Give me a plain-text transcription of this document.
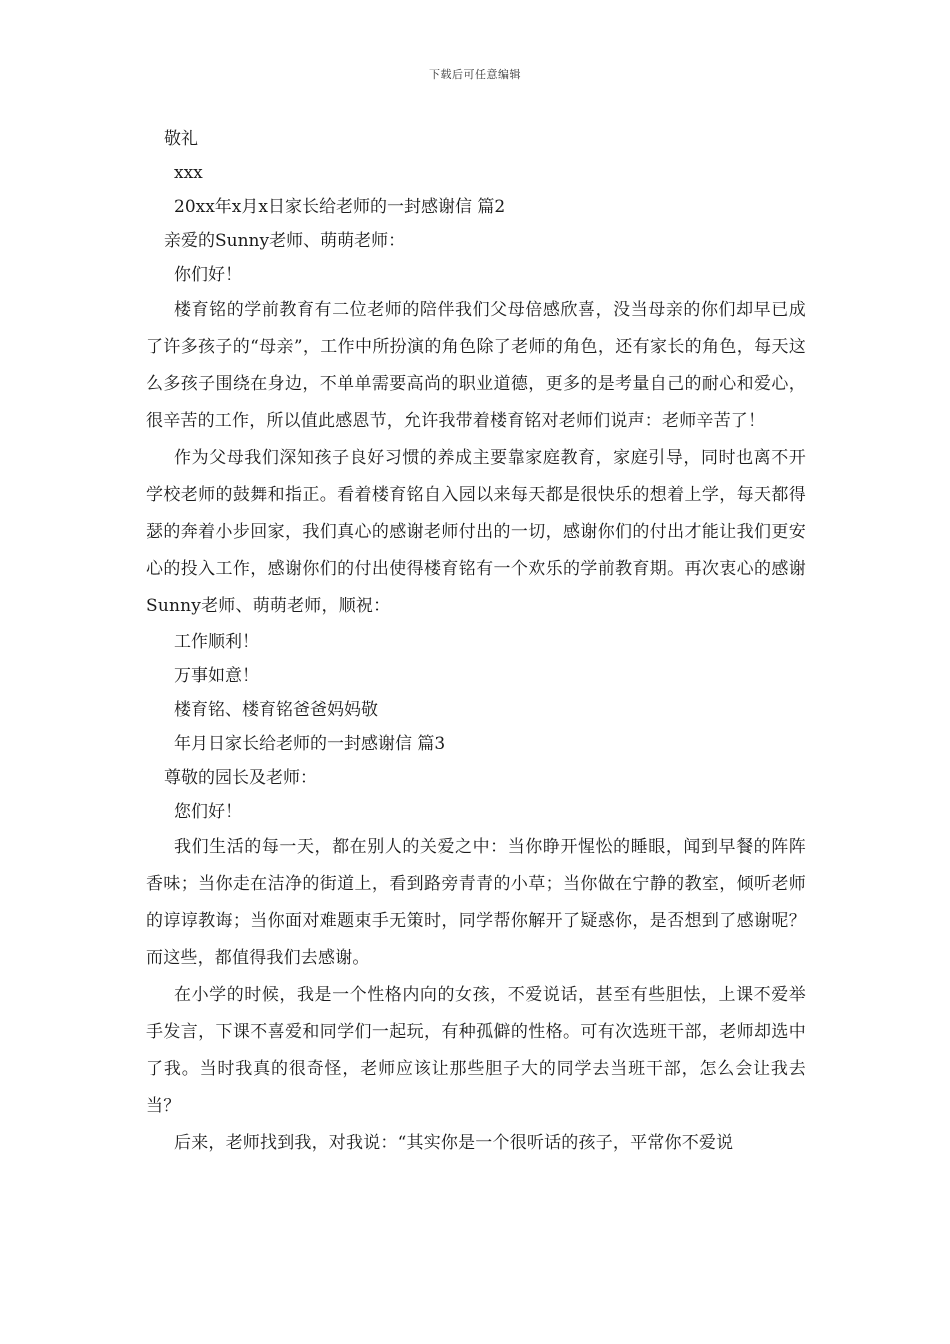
下载后可任意编辑
敬礼
xxx
20xx年x月x日家长给老师的一封感谢信 篇2
亲爱的Sunny老师、萌萌老师：
你们好！
楼育铭的学前教育有二位老师的陪伴我们父母倍感欣喜，没当母亲的你们却早已成了许多孩子的“母亲”，工作中所扮演的角色除了老师的角色，还有家长的角色，每天这么多孩子围绕在身边，不单单需要高尚的职业道德，更多的是考量自己的耐心和爱心，很辛苦的工作，所以值此感恩节，允许我带着楼育铭对老师们说声：老师辛苦了！
作为父母我们深知孩子良好习惯的养成主要靠家庭教育，家庭引导，同时也离不开学校老师的鼓舞和指正。看着楼育铭自入园以来每天都是很快乐的想着上学，每天都得瑟的奔着小步回家，我们真心的感谢老师付出的一切，感谢你们的付出才能让我们更安心的投入工作，感谢你们的付出使得楼育铭有一个欢乐的学前教育期。再次衷心的感谢Sunny老师、萌萌老师，顺祝：
工作顺利！
万事如意！
楼育铭、楼育铭爸爸妈妈敬
年月日家长给老师的一封感谢信 篇3
尊敬的园长及老师：
您们好！
我们生活的每一天，都在别人的关爱之中：当你睁开惺忪的睡眼，闻到早餐的阵阵香味；当你走在洁净的街道上，看到路旁青青的小草；当你做在宁静的教室，倾听老师的谆谆教诲；当你面对难题束手无策时，同学帮你解开了疑惑你，是否想到了感谢呢？而这些，都值得我们去感谢。
在小学的时候，我是一个性格内向的女孩，不爱说话，甚至有些胆怯，上课不爱举手发言，下课不喜爱和同学们一起玩，有种孤僻的性格。可有次选班干部，老师却选中了我。当时我真的很奇怪，老师应该让那些胆子大的同学去当班干部，怎么会让我去当？
后来，老师找到我，对我说：“其实你是一个很听话的孩子，平常你不爱说
